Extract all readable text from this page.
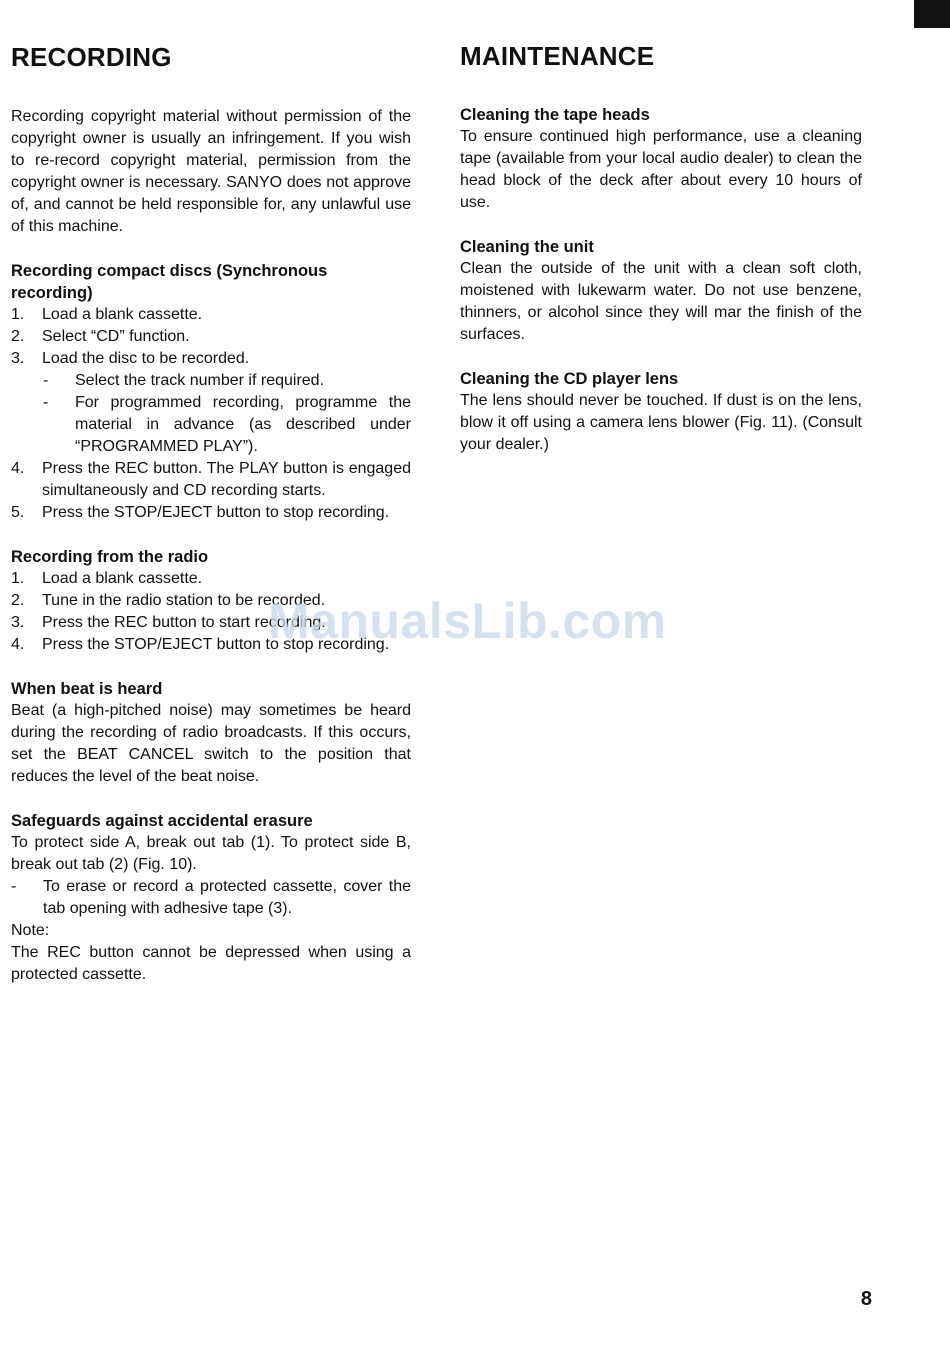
RECORDING

Recording copyright material without permission of the copyright owner is usually an infringement. If you wish to re-record copyright material, permission from the copyright owner is necessary. SANYO does not approve of, and cannot be held responsible for, any unlawful use of this machine.

Recording compact discs (Synchronous recording)
1.	Load a blank cassette.
2.	Select “CD” function.
3.	Load the disc to be recorded.
-	Select the track number if required.
-	For programmed recording, programme the material in advance (as described under “PROGRAMMED PLAY”).
4.	Press the REC button. The PLAY button is engaged simultaneously and CD recording starts.
5.	Press the STOP/EJECT button to stop recording.
Recording from the radio
1.	Load a blank cassette.
2.	Tune in the radio station to be recorded.
3.	Press the REC button to start recording.
4.	Press the STOP/EJECT button to stop recording.
When beat is heard

Beat (a high-pitched noise) may sometimes be heard during the recording of radio broadcasts. If this occurs, set the BEAT CANCEL switch to the position that reduces the level of the beat noise.

Safeguards against accidental erasure

To protect side A, break out tab (1). To protect side B, break out tab (2) (Fig. 10).

-	To erase or record a protected cassette, cover the tab opening with adhesive tape (3).

Note:

The REC button cannot be depressed when using a protected cassette.

MAINTENANCE
Cleaning the tape heads

To ensure continued high performance, use a cleaning tape (available from your local audio dealer) to clean the head block of the deck after about every 10 hours of use.

Cleaning the unit

Clean the outside of the unit with a clean soft cloth, moistened with lukewarm water. Do not use benzene, thinners, or alcohol since they will mar the finish of the surfaces.

Cleaning the CD player lens

The lens should never be touched. If dust is on the lens, blow it off using a camera lens blower (Fig. 11). (Consult your dealer.)

ManualsLib.com
8
